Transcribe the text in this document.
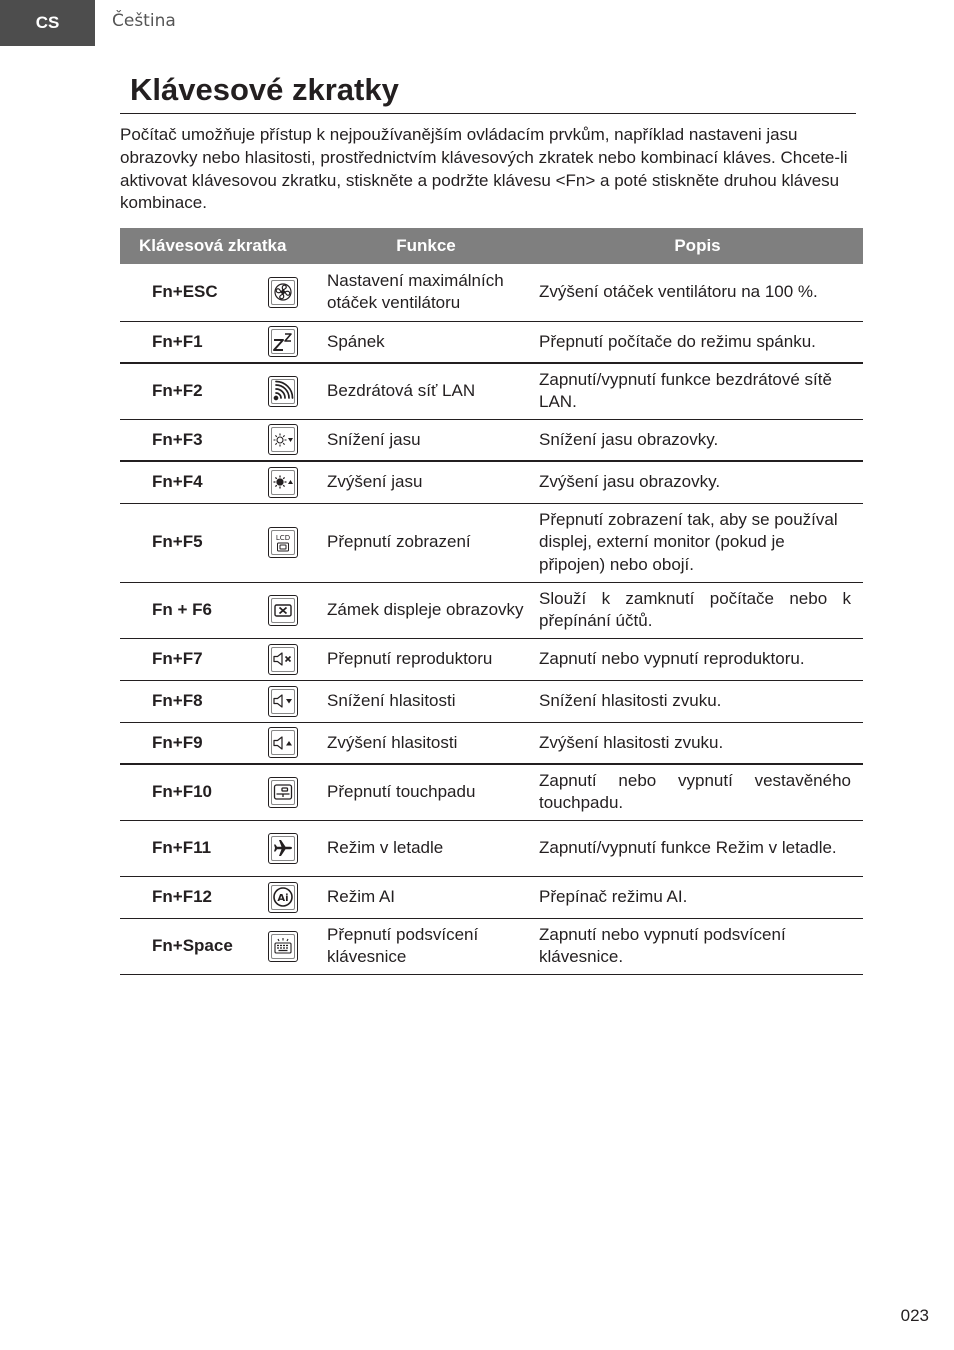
CS	Čeština
Klávesové zkratky

Počítač umožňuje přístup k nejpoužívanějším ovládacím prvkům, například nastaveni jasu obrazovky nebo hlasitosti, prostřednictvím klávesových zkratek nebo kombinací kláves. Chcete-li aktivovat klávesovou zkratku, stiskněte a podržte klávesu <Fn> a poté stiskněte druhou klávesu kombinace.

Klávesová zkratka		Funkce	Popis
Fn+ESC		Nastavení maximálních otáček ventilátoru	Zvýšení otáček ventilátoru na 100 %.
Fn+F1		Spánek	Přepnutí počítače do režimu spánku.
Fn+F2		Bezdrátová síť LAN	Zapnutí/vypnutí funkce bezdrátové sítě LAN.
Fn+F3		Snížení jasu	Snížení jasu obrazovky.
Fn+F4		Zvýšení jasu	Zvýšení jasu obrazovky.
Fn+F5	LCD	Přepnutí zobrazení	Přepnutí zobrazení tak, aby se používal displej, externí monitor (pokud je připojen) nebo obojí.
Fn + F6		Zámek displeje obrazovky	Slouží k zamknutí počítače nebo k přepínání účtů.
Fn+F7		Přepnutí reproduktoru	Zapnutí nebo vypnutí reproduktoru.
Fn+F8		Snížení hlasitosti	Snížení hlasitosti zvuku.
Fn+F9		Zvýšení hlasitosti	Zvýšení hlasitosti zvuku.
Fn+F10		Přepnutí touchpadu	Zapnutí nebo vypnutí vestavěného touchpadu.
Fn+F11		Režim v letadle	Zapnutí/vypnutí funkce Režim v letadle.
Fn+F12	Ai	Režim AI	Přepínač režimu AI.
Fn+Space		Přepnutí podsvícení klávesnice	Zapnutí nebo vypnutí podsvícení klávesnice.
023
